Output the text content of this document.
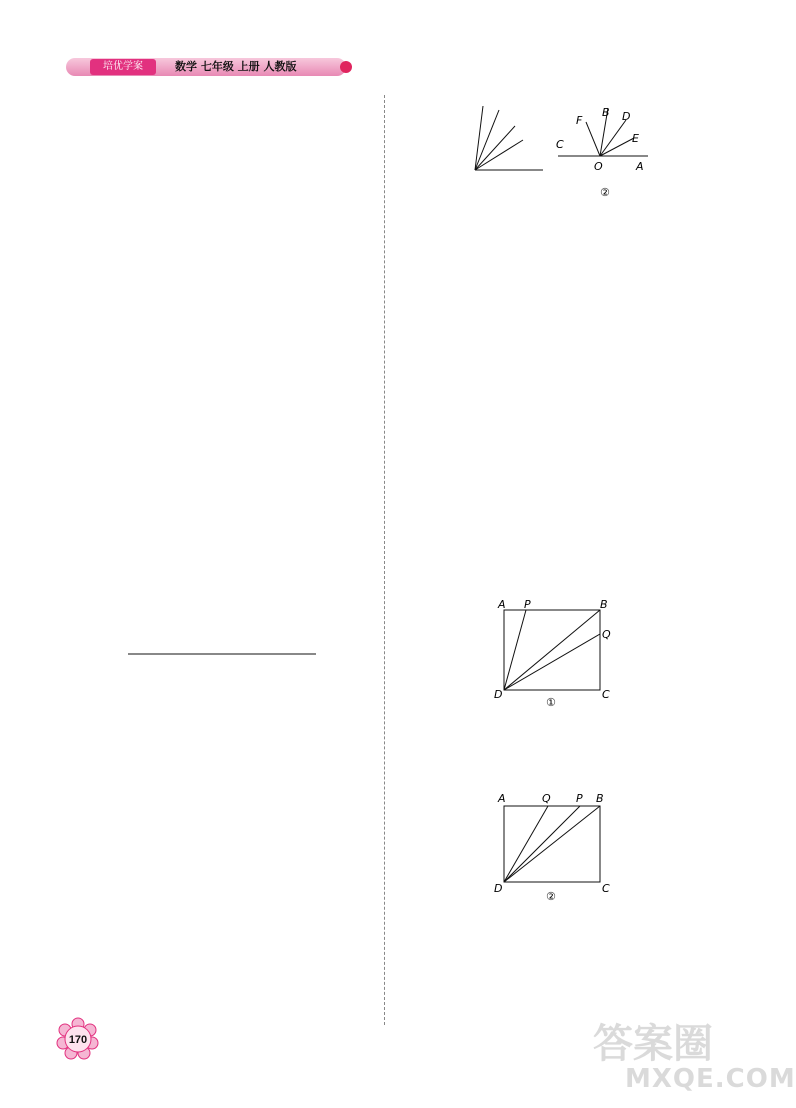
培优学案	数学 七年级 上册 人教版
F
B D
C	E
O	A
②
A P	B
Q
D	C
①
A	Q P B
D	C
②
170	答案圈
MXQE.COM
